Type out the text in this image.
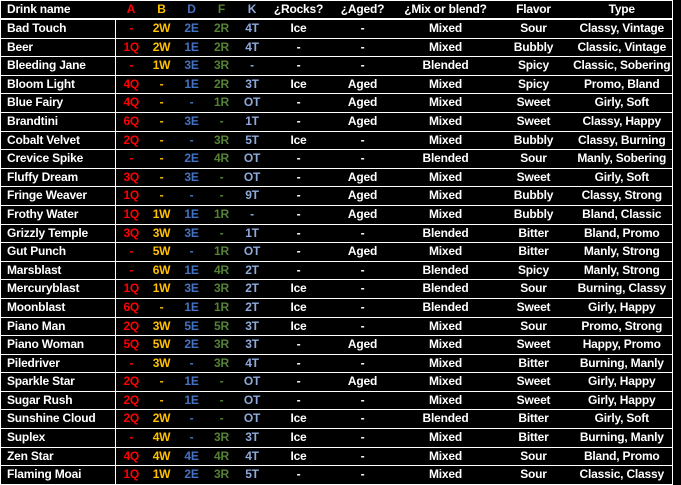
Drink name	A	B	D	F	K	¿Rocks?	¿Aged?	¿Mix or blend?	Flavor	Type
Bad Touch	-	2W	2E	2R	4T	Ice	-	Mixed	Sour	Classy, Vintage
Beer	1Q	2W	1E	2R	4T	-	-	Mixed	Bubbly	Classic, Vintage
Bleeding Jane	-	1W	3E	3R	-	-	-	Blended	Spicy	Classic, Sobering
Bloom Light	4Q	-	1E	2R	3T	Ice	Aged	Mixed	Spicy	Promo, Bland
Blue Fairy	4Q	-	-	1R	OT	-	Aged	Mixed	Sweet	Girly, Soft
Brandtini	6Q	-	3E	-	1T	-	Aged	Mixed	Sweet	Classy, Happy
Cobalt Velvet	2Q	-	-	3R	5T	Ice	-	Mixed	Bubbly	Classy, Burning
Crevice Spike	-	-	2E	4R	OT	-	-	Blended	Sour	Manly, Sobering
Fluffy Dream	3Q	-	3E	-	OT	-	Aged	Mixed	Sweet	Girly, Soft
Fringe Weaver	1Q	-	-	-	9T	-	Aged	Mixed	Bubbly	Classy, Strong
Frothy Water	1Q	1W	1E	1R	-	-	Aged	Mixed	Bubbly	Bland, Classic
Grizzly Temple	3Q	3W	3E	-	1T	-	-	Blended	Bitter	Bland, Promo
Gut Punch	-	5W	-	1R	OT	-	Aged	Mixed	Bitter	Manly, Strong
Marsblast	-	6W	1E	4R	2T	-	-	Blended	Spicy	Manly, Strong
Mercuryblast	1Q	1W	3E	3R	2T	Ice	-	Blended	Sour	Burning, Classy
Moonblast	6Q	-	1E	1R	2T	Ice	-	Blended	Sweet	Girly, Happy
Piano Man	2Q	3W	5E	5R	3T	Ice	-	Mixed	Sour	Promo, Strong
Piano Woman	5Q	5W	2E	3R	3T	-	Aged	Mixed	Sweet	Happy, Promo
Piledriver	-	3W	-	3R	4T	-	-	Mixed	Bitter	Burning, Manly
Sparkle Star	2Q	-	1E	-	OT	-	Aged	Mixed	Sweet	Girly, Happy
Sugar Rush	2Q	-	1E	-	OT	-	-	Mixed	Sweet	Girly, Happy
Sunshine Cloud	2Q	2W	-	-	OT	Ice	-	Blended	Bitter	Girly, Soft
Suplex	-	4W	-	3R	3T	Ice	-	Mixed	Bitter	Burning, Manly
Zen Star	4Q	4W	4E	4R	4T	Ice	-	Mixed	Sour	Bland, Promo
Flaming Moai	1Q	1W	2E	3R	5T	-	-	Mixed	Sour	Classic, Classy
